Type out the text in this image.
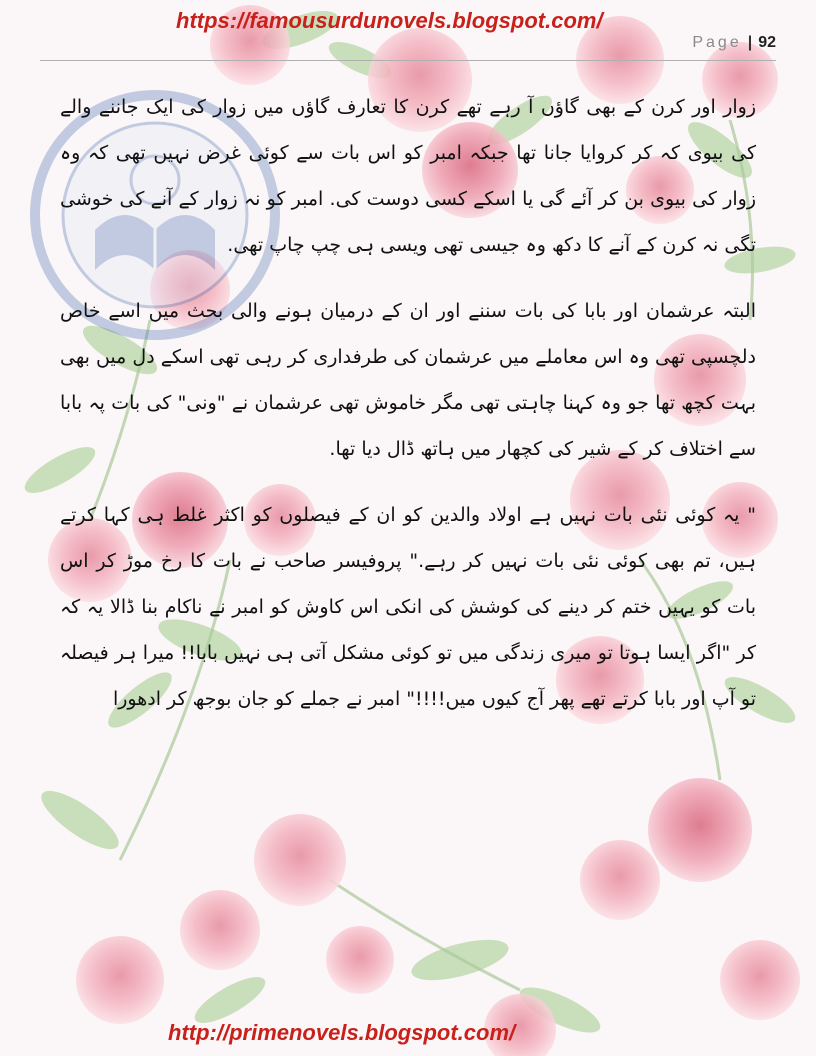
https://famousurdunovels.blogspot.com/
Page | 92

زوار اور کرن کے بھی گاؤں آ رہے تھے کرن کا تعارف گاؤں میں زوار کی ایک جاننے والے کی بیوی کہ کر کروایا جانا تھا جبکہ امبر کو اس بات سے کوئی غرض نہیں تھی کہ وہ زوار کی بیوی بن کر آئے گی یا اسکے کسی دوست کی. امبر کو نہ زوار کے آنے کی خوشی تگی نہ کرن کے آنے کا دکھ وہ جیسی تھی ویسی ہی چپ چاپ تھی.

البتہ عرشمان اور بابا کی بات سننے اور ان کے درمیان ہونے والی بحث میں اسے خاص دلچسپی تھی وہ اس معاملے میں عرشمان کی طرفداری کر رہی تھی اسکے دل میں بھی بہت کچھ تھا جو وہ کہنا چاہتی تھی مگر خاموش تھی عرشمان نے "ونی" کی بات پہ بابا سے اختلاف کر کے شیر کی کچھار میں ہاتھ ڈال دیا تھا.

" یہ کوئی نئی بات نہیں ہے اولاد والدین کو ان کے فیصلوں کو اکثر غلط ہی کہا کرتے ہیں، تم بھی کوئی نئی بات نہیں کر رہے." پروفیسر صاحب نے بات کا رخ موڑ کر اس بات کو یہیں ختم کر دینے کی کوشش کی انکی اس کاوش کو امبر نے ناکام بنا ڈالا یہ کہ کر "اگر ایسا ہوتا تو میری زندگی میں تو کوئی مشکل آتی ہی نہیں بابا!! میرا ہر فیصلہ تو آپ اور بابا کرتے تھے پھر آج کیوں میں!!!!" امبر نے جملے کو جان بوجھ کر ادھورا

http://primenovels.blogspot.com/
